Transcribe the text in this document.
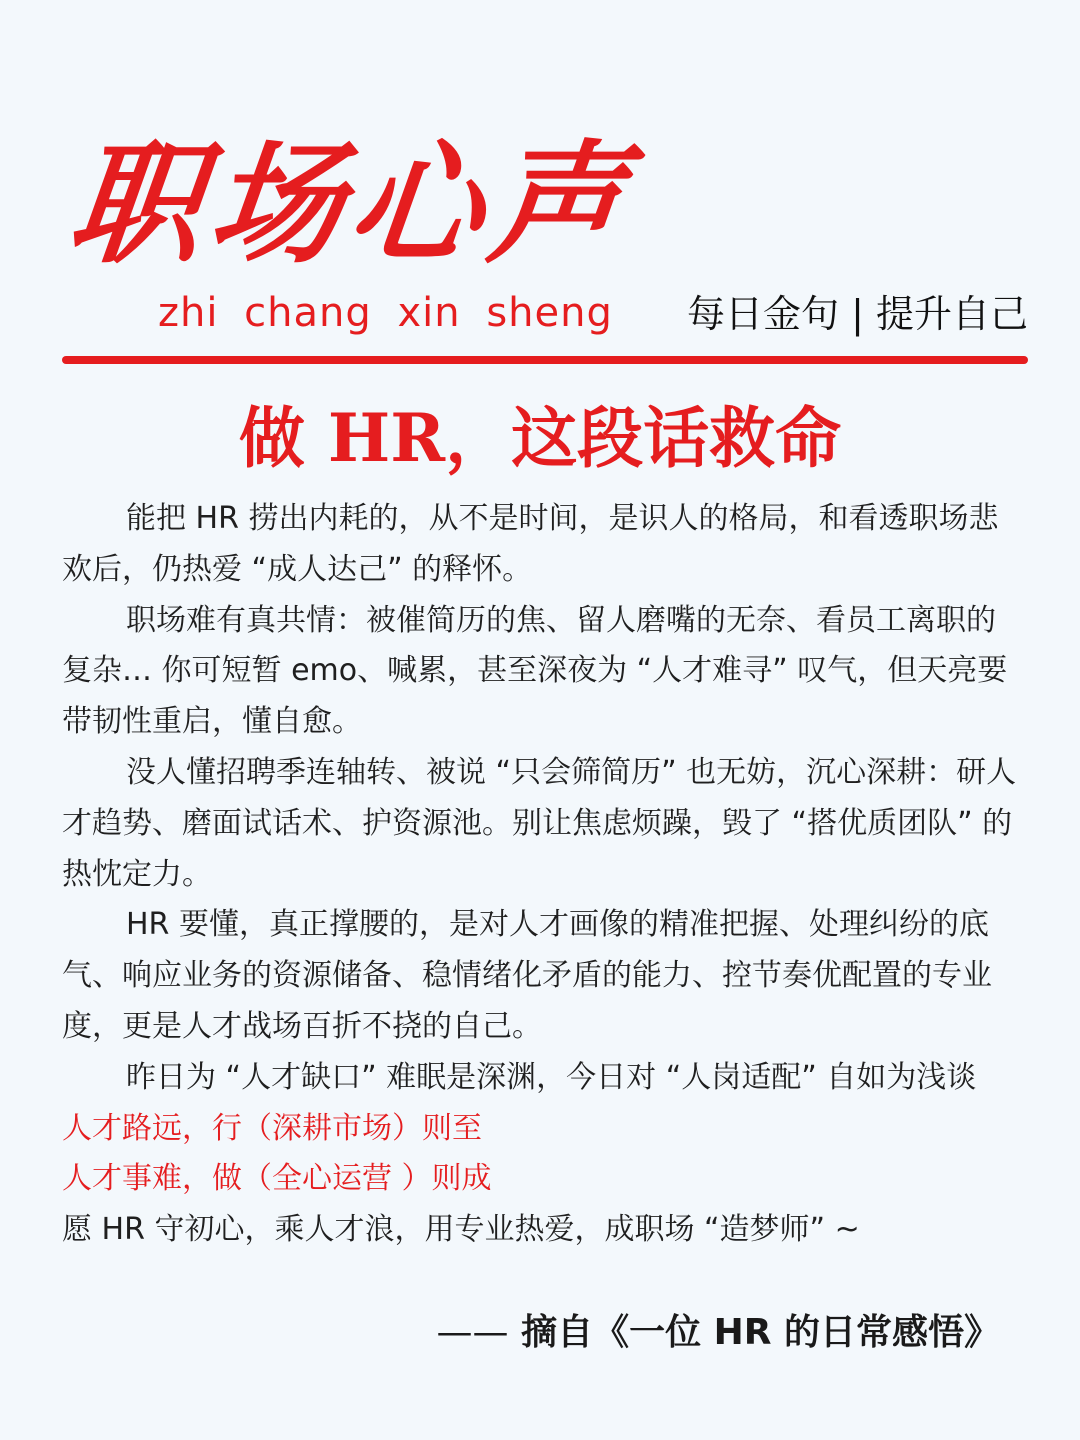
职场心声
zhi chang xin sheng 每日金句 | 提升自己
做 HR，这段话救命

能把 HR 捞出内耗的，从不是时间，是识人的格局，和看透职场悲欢后，仍热爱 “成人达己” 的释怀。

职场难有真共情：被催简历的焦、留人磨嘴的无奈、看员工离职的复杂… 你可短暂 emo、喊累，甚至深夜为 “人才难寻” 叹气，但天亮要带韧性重启，懂自愈。

没人懂招聘季连轴转、被说 “只会筛简历” 也无妨，沉心深耕：研人才趋势、磨面试话术、护资源池。别让焦虑烦躁，毁了 “搭优质团队” 的热忱定力。

HR 要懂，真正撑腰的，是对人才画像的精准把握、处理纠纷的底气、响应业务的资源储备、稳情绪化矛盾的能力、控节奏优配置的专业度，更是人才战场百折不挠的自己。

昨日为 “人才缺口” 难眠是深渊，今日对 “人岗适配” 自如为浅谈

人才路远，行（深耕市场）则至

人才事难，做（全心运营 ）则成

愿 HR 守初心，乘人才浪，用专业热爱，成职场 “造梦师” ~

—— 摘自《一位 HR 的日常感悟》
